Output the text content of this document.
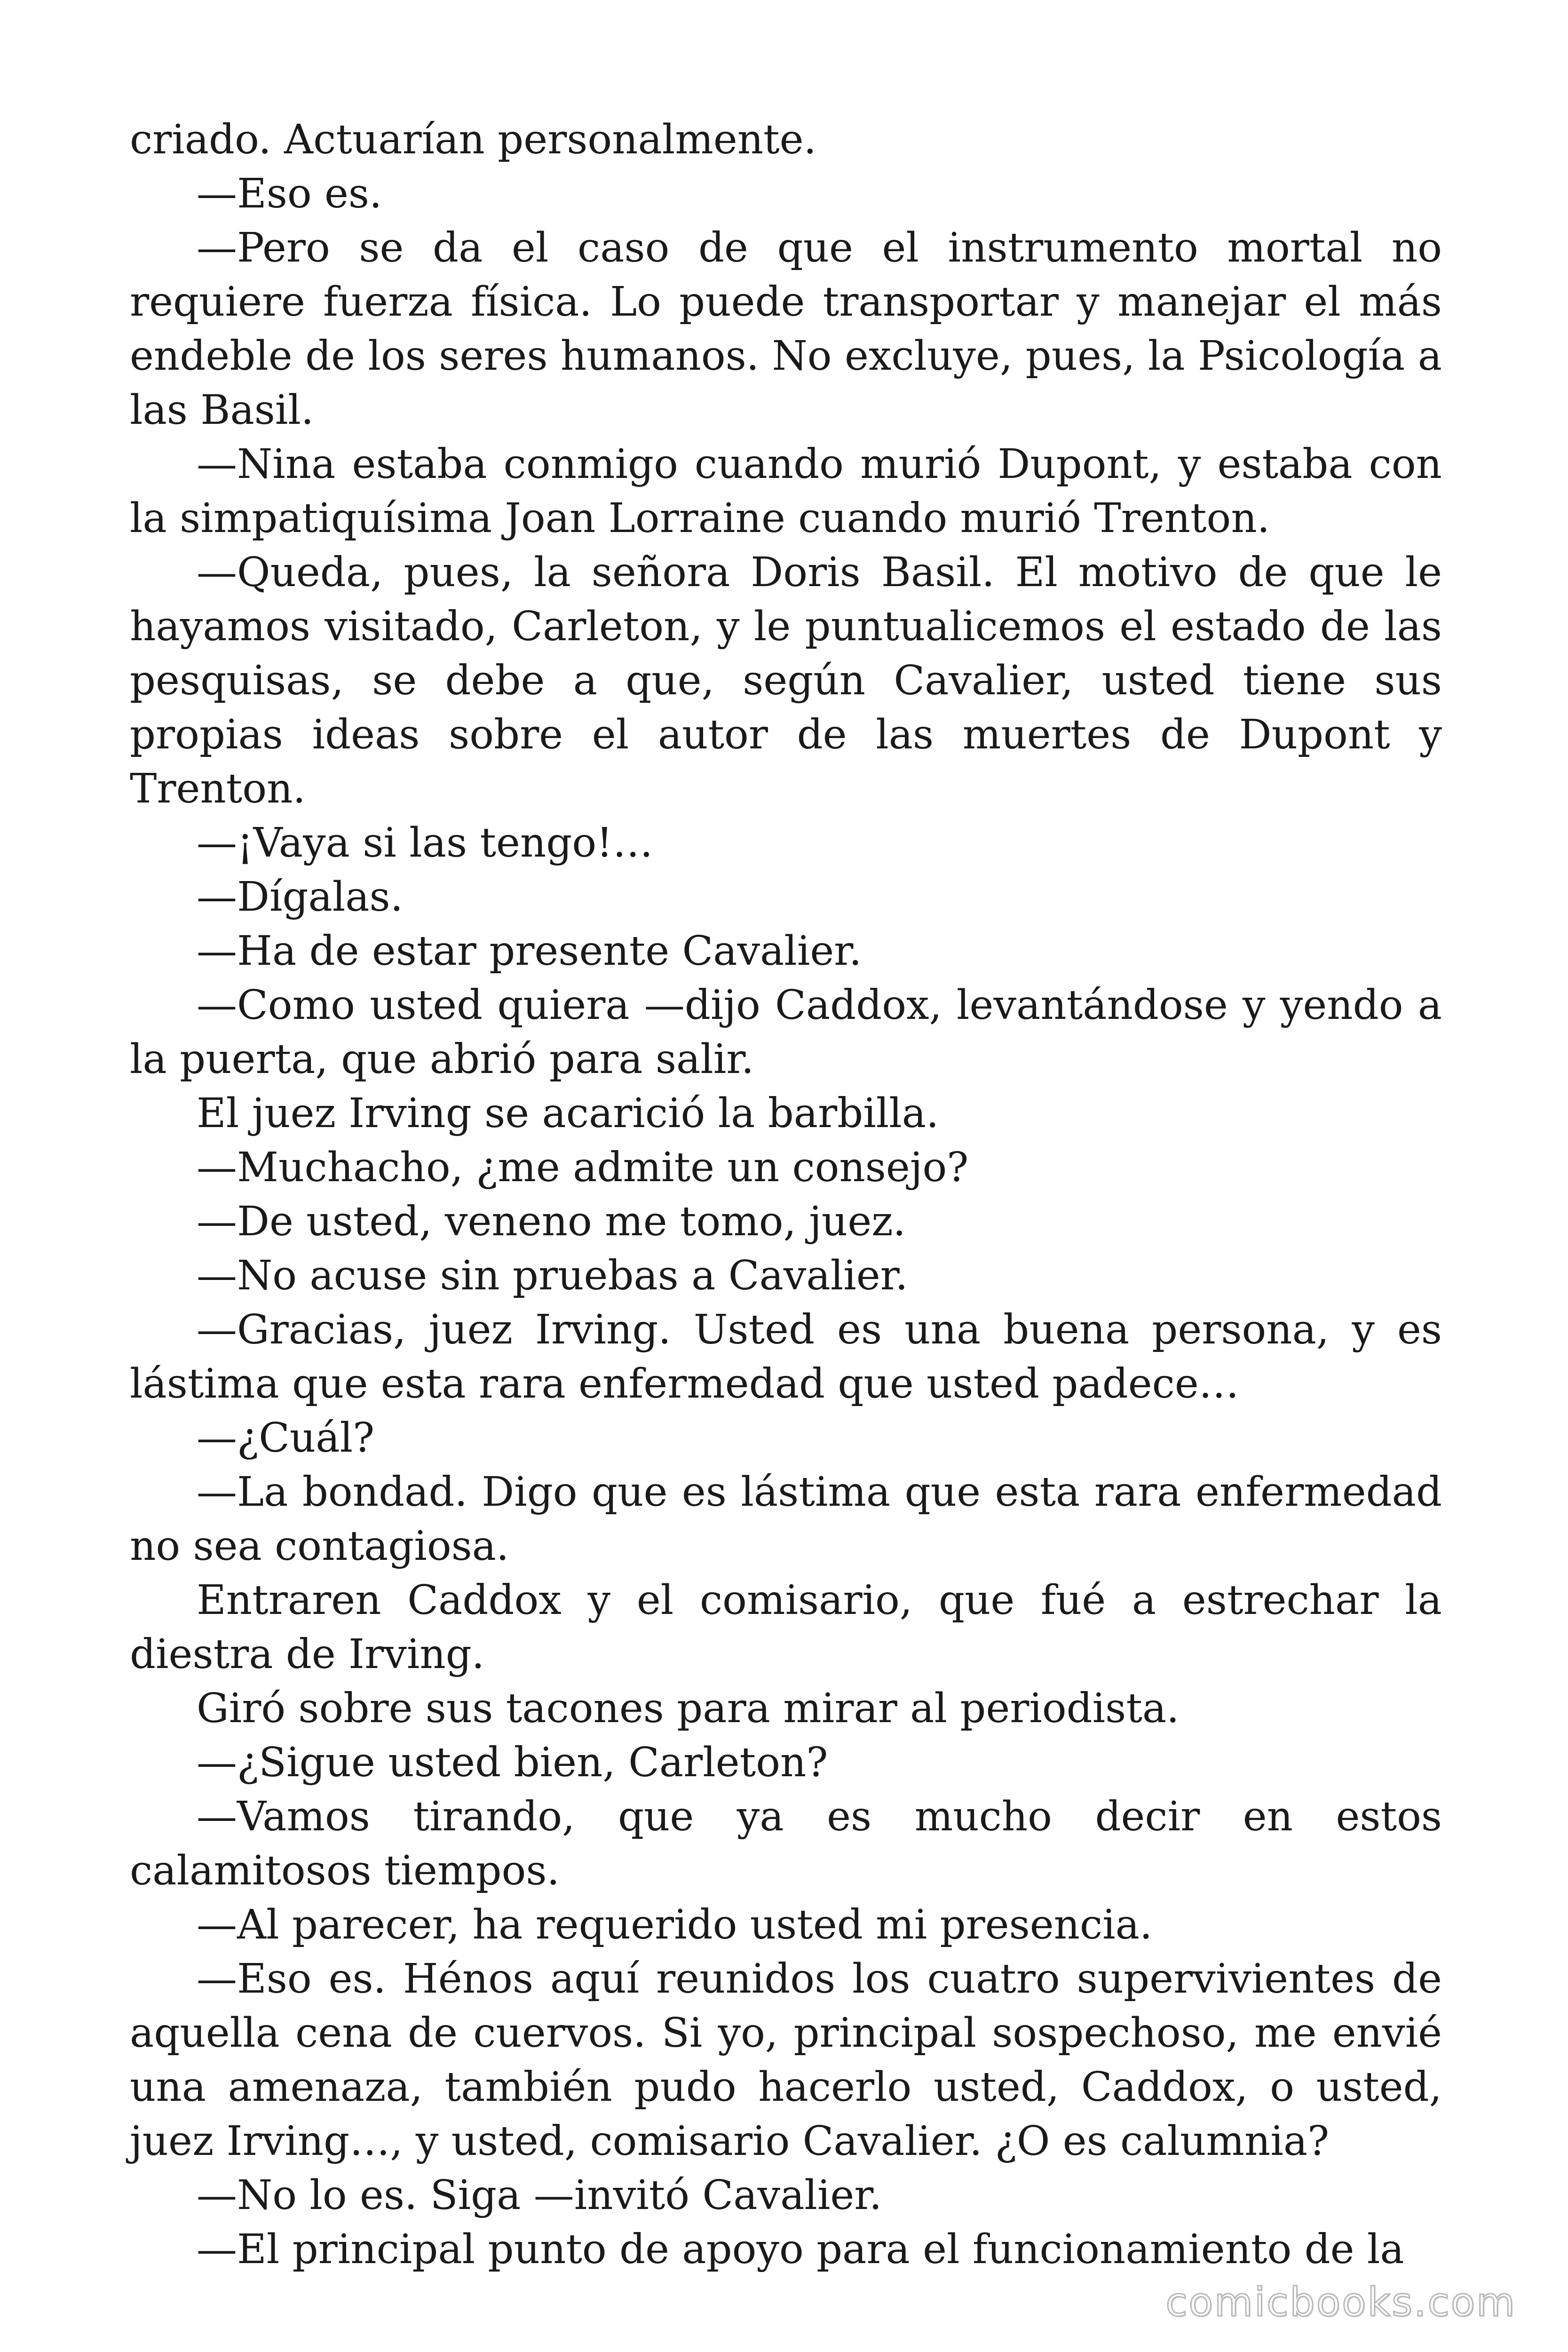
criado. Actuarían personalmente.

—Eso es.

—Pero se da el caso de que el instrumento mortal no requiere fuerza física. Lo puede transportar y manejar el más endeble de los seres humanos. No excluye, pues, la Psicología a las Basil.

—Nina estaba conmigo cuando murió Dupont, y estaba con la simpatiquísima Joan Lorraine cuando murió Trenton.

—Queda, pues, la señora Doris Basil. El motivo de que le hayamos visitado, Carleton, y le puntualicemos el estado de las pesquisas, se debe a que, según Cavalier, usted tiene sus propias ideas sobre el autor de las muertes de Dupont y Trenton.

—¡Vaya si las tengo!…

—Dígalas.

—Ha de estar presente Cavalier.

—Como usted quiera —dijo Caddox, levantándose y yendo a la puerta, que abrió para salir.

El juez Irving se acarició la barbilla.

—Muchacho, ¿me admite un consejo?

—De usted, veneno me tomo, juez.

—No acuse sin pruebas a Cavalier.

—Gracias, juez Irving. Usted es una buena persona, y es lástima que esta rara enfermedad que usted padece…

—¿Cuál?

—La bondad. Digo que es lástima que esta rara enfermedad no sea contagiosa.

Entraren Caddox y el comisario, que fué a estrechar la diestra de Irving.

Giró sobre sus tacones para mirar al periodista.

—¿Sigue usted bien, Carleton?

—Vamos tirando, que ya es mucho decir en estos calamitosos tiempos.

—Al parecer, ha requerido usted mi presencia.

—Eso es. Hénos aquí reunidos los cuatro supervivientes de aquella cena de cuervos. Si yo, principal sospechoso, me envié una amenaza, también pudo hacerlo usted, Caddox, o usted, juez Irving…, y usted, comisario Cavalier. ¿O es calumnia?

—No lo es. Siga —invitó Cavalier.

—El principal punto de apoyo para el funcionamiento de la

comicbooks.com
